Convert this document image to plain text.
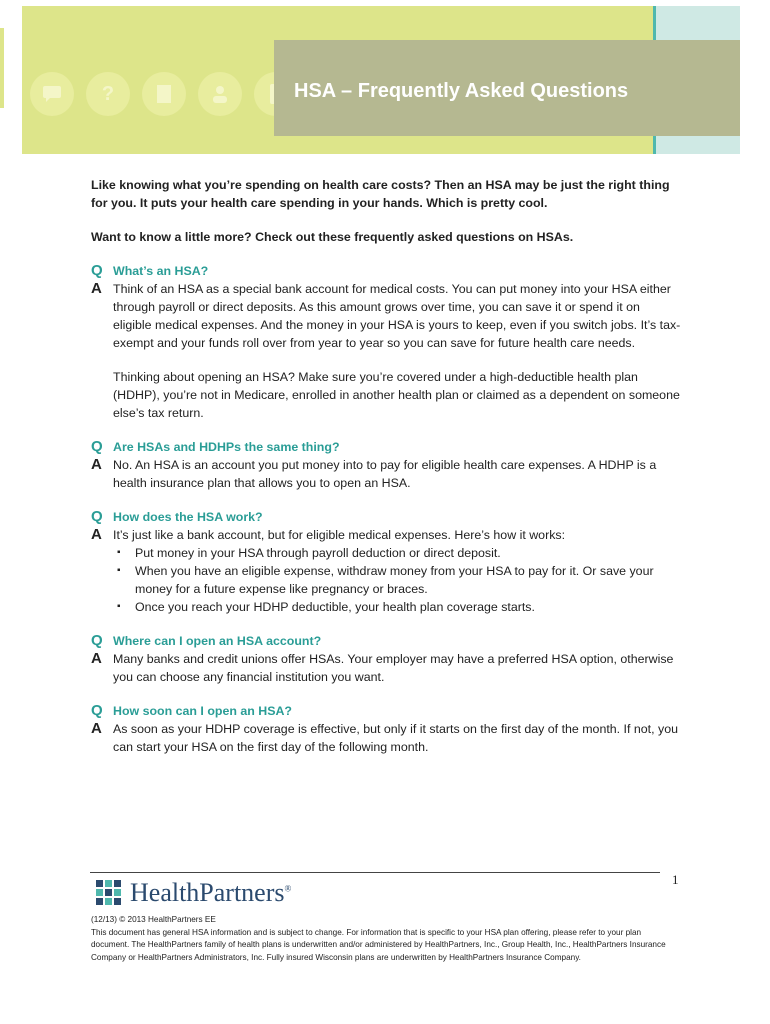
?	HSA – Frequently Asked Questions

Like knowing what you’re spending on health care costs? Then an HSA may be just the right thing for you. It puts your health care spending in your hands. Which is pretty cool.

Want to know a little more? Check out these frequently asked questions on HSAs.

Q What’s an HSA?
A Think of an HSA as a special bank account for medical costs. You can put money into your HSA either through payroll or direct deposits. As this amount grows over time, you can save it or spend it on eligible medical expenses. And the money in your HSA is yours to keep, even if you switch jobs. It’s tax-exempt and your funds roll over from year to year so you can save for future health care needs.

Thinking about opening an HSA? Make sure you’re covered under a high-deductible health plan (HDHP), you’re not in Medicare, enrolled in another health plan or claimed as a dependent on someone else’s tax return.

Q Are HSAs and HDHPs the same thing?
A No. An HSA is an account you put money into to pay for eligible health care expenses. A HDHP is a health insurance plan that allows you to open an HSA.

Q How does the HSA work?
A It’s just like a bank account, but for eligible medical expenses. Here’s how it works:

▪ Put money in your HSA through payroll deduction or direct deposit.
▪ When you have an eligible expense, withdraw money from your HSA to pay for it. Or save your money for a future expense like pregnancy or braces.
▪ Once you reach your HDHP deductible, your health plan coverage starts.
Q Where can I open an HSA account?
A Many banks and credit unions offer HSAs. Your employer may have a preferred HSA option, otherwise you can choose any financial institution you want.

Q How soon can I open an HSA?
A As soon as your HDHP coverage is effective, but only if it starts on the first day of the month. If not, you can start your HSA on the first day of the following month.

1
HealthPartners®

(12/13) © 2013 HealthPartners EE

This document has general HSA information and is subject to change. For information that is specific to your HSA plan offering, please refer to your plan document. The HealthPartners family of health plans is underwritten and/or administered by HealthPartners, Inc., Group Health, Inc., HealthPartners Insurance Company or HealthPartners Administrators, Inc. Fully insured Wisconsin plans are underwritten by HealthPartners Insurance Company.
